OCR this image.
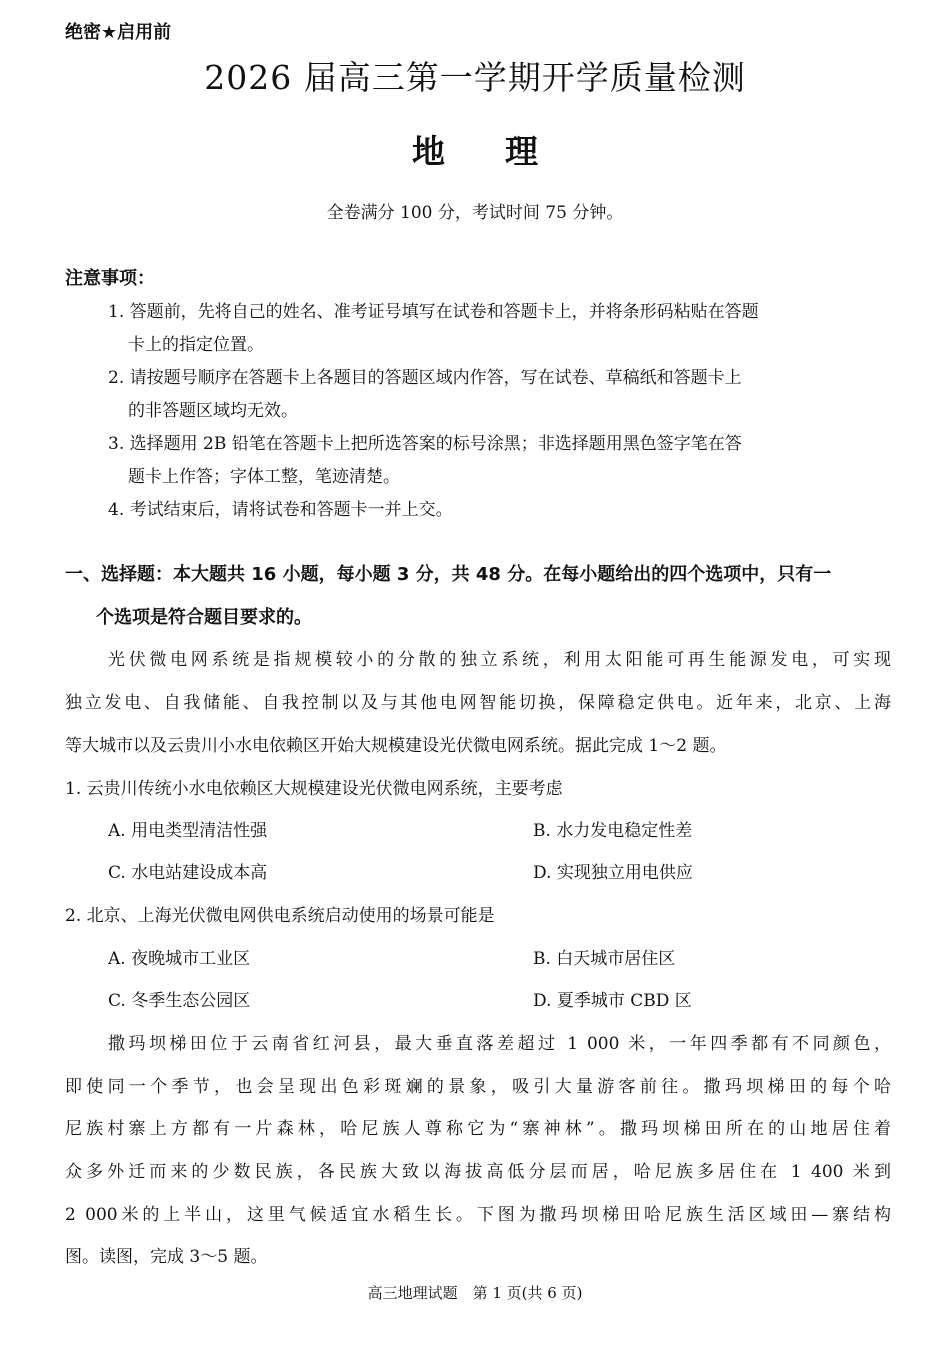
绝密★启用前
2026 届高三第一学期开学质量检测
地理
全卷满分 100 分，考试时间 75 分钟。
注意事项：
1. 答题前，先将自己的姓名、准考证号填写在试卷和答题卡上，并将条形码粘贴在答题
卡上的指定位置。
2. 请按题号顺序在答题卡上各题目的答题区域内作答，写在试卷、草稿纸和答题卡上
的非答题区域均无效。
3. 选择题用 2B 铅笔在答题卡上把所选答案的标号涂黑；非选择题用黑色签字笔在答
题卡上作答；字体工整，笔迹清楚。
4. 考试结束后，请将试卷和答题卡一并上交。
一、选择题：本大题共 16 小题，每小题 3 分，共 48 分。在每小题给出的四个选项中，只有一
个选项是符合题目要求的。
光伏微电网系统是指规模较小的分散的独立系统，利用太阳能可再生能源发电，可实现
独立发电、自我储能、自我控制以及与其他电网智能切换，保障稳定供电。近年来，北京、上海
等大城市以及云贵川小水电依赖区开始大规模建设光伏微电网系统。据此完成 1～2 题。
1. 云贵川传统小水电依赖区大规模建设光伏微电网系统，主要考虑
A. 用电类型清洁性强	B. 水力发电稳定性差
C. 水电站建设成本高	D. 实现独立用电供应
2. 北京、上海光伏微电网供电系统启动使用的场景可能是
A. 夜晚城市工业区	B. 白天城市居住区
C. 冬季生态公园区	D. 夏季城市 CBD 区
撒玛坝梯田位于云南省红河县，最大垂直落差超过 1 000 米，一年四季都有不同颜色，
即使同一个季节，也会呈现出色彩斑斓的景象，吸引大量游客前往。撒玛坝梯田的每个哈
尼族村寨上方都有一片森林，哈尼族人尊称它为“寨神林”。撒玛坝梯田所在的山地居住着
众多外迁而来的少数民族，各民族大致以海拔高低分层而居，哈尼族多居住在 1 400 米到
2 000米的上半山，这里气候适宜水稻生长。下图为撒玛坝梯田哈尼族生活区域田—寨结构
图。读图，完成 3～5 题。
高三地理试题　第 1 页(共 6 页)
